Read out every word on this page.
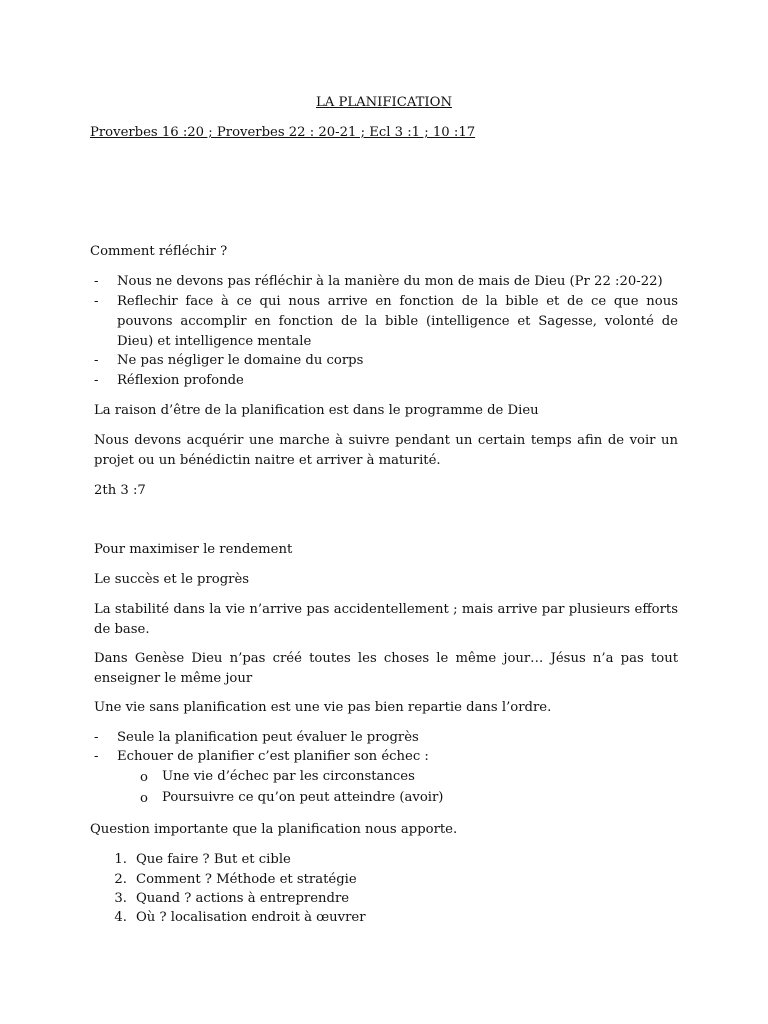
LA PLANIFICATION

Proverbes 16 :20 ; Proverbes 22 : 20-21 ; Ecl 3 :1 ; 10 :17

Comment réfléchir ?

- Nous ne devons pas réfléchir à la manière du mon de mais de Dieu (Pr 22 :20-22)

- Reflechir face à ce qui nous arrive en fonction de la bible et de ce que nous pouvons accomplir en fonction de la bible (intelligence et Sagesse, volonté de Dieu) et intelligence mentale

- Ne pas négliger le domaine du corps

- Réflexion profonde

La raison d’être de la planification est dans le programme de Dieu

Nous devons acquérir une marche à suivre pendant un certain temps afin de voir un projet ou un bénédictin naitre et arriver à maturité.

2th 3 :7

Pour maximiser le rendement

Le succès et le progrès

La stabilité dans la vie n’arrive pas accidentellement ; mais arrive par plusieurs efforts de base.

Dans Genèse Dieu n’pas créé toutes les choses le même jour… Jésus n’a pas tout enseigner le même jour

Une vie sans planification est une vie pas bien repartie dans l’ordre.

- Seule la planification peut évaluer le progrès

- Echouer de planifier c’est planifier son échec :

o Une vie d’échec par les circonstances

o Poursuivre ce qu’on peut atteindre (avoir)

Question importante que la planification nous apporte.

1. Que faire ? But et cible

2. Comment ? Méthode et stratégie

3. Quand ? actions à entreprendre

4. Où ? localisation endroit à œuvrer
